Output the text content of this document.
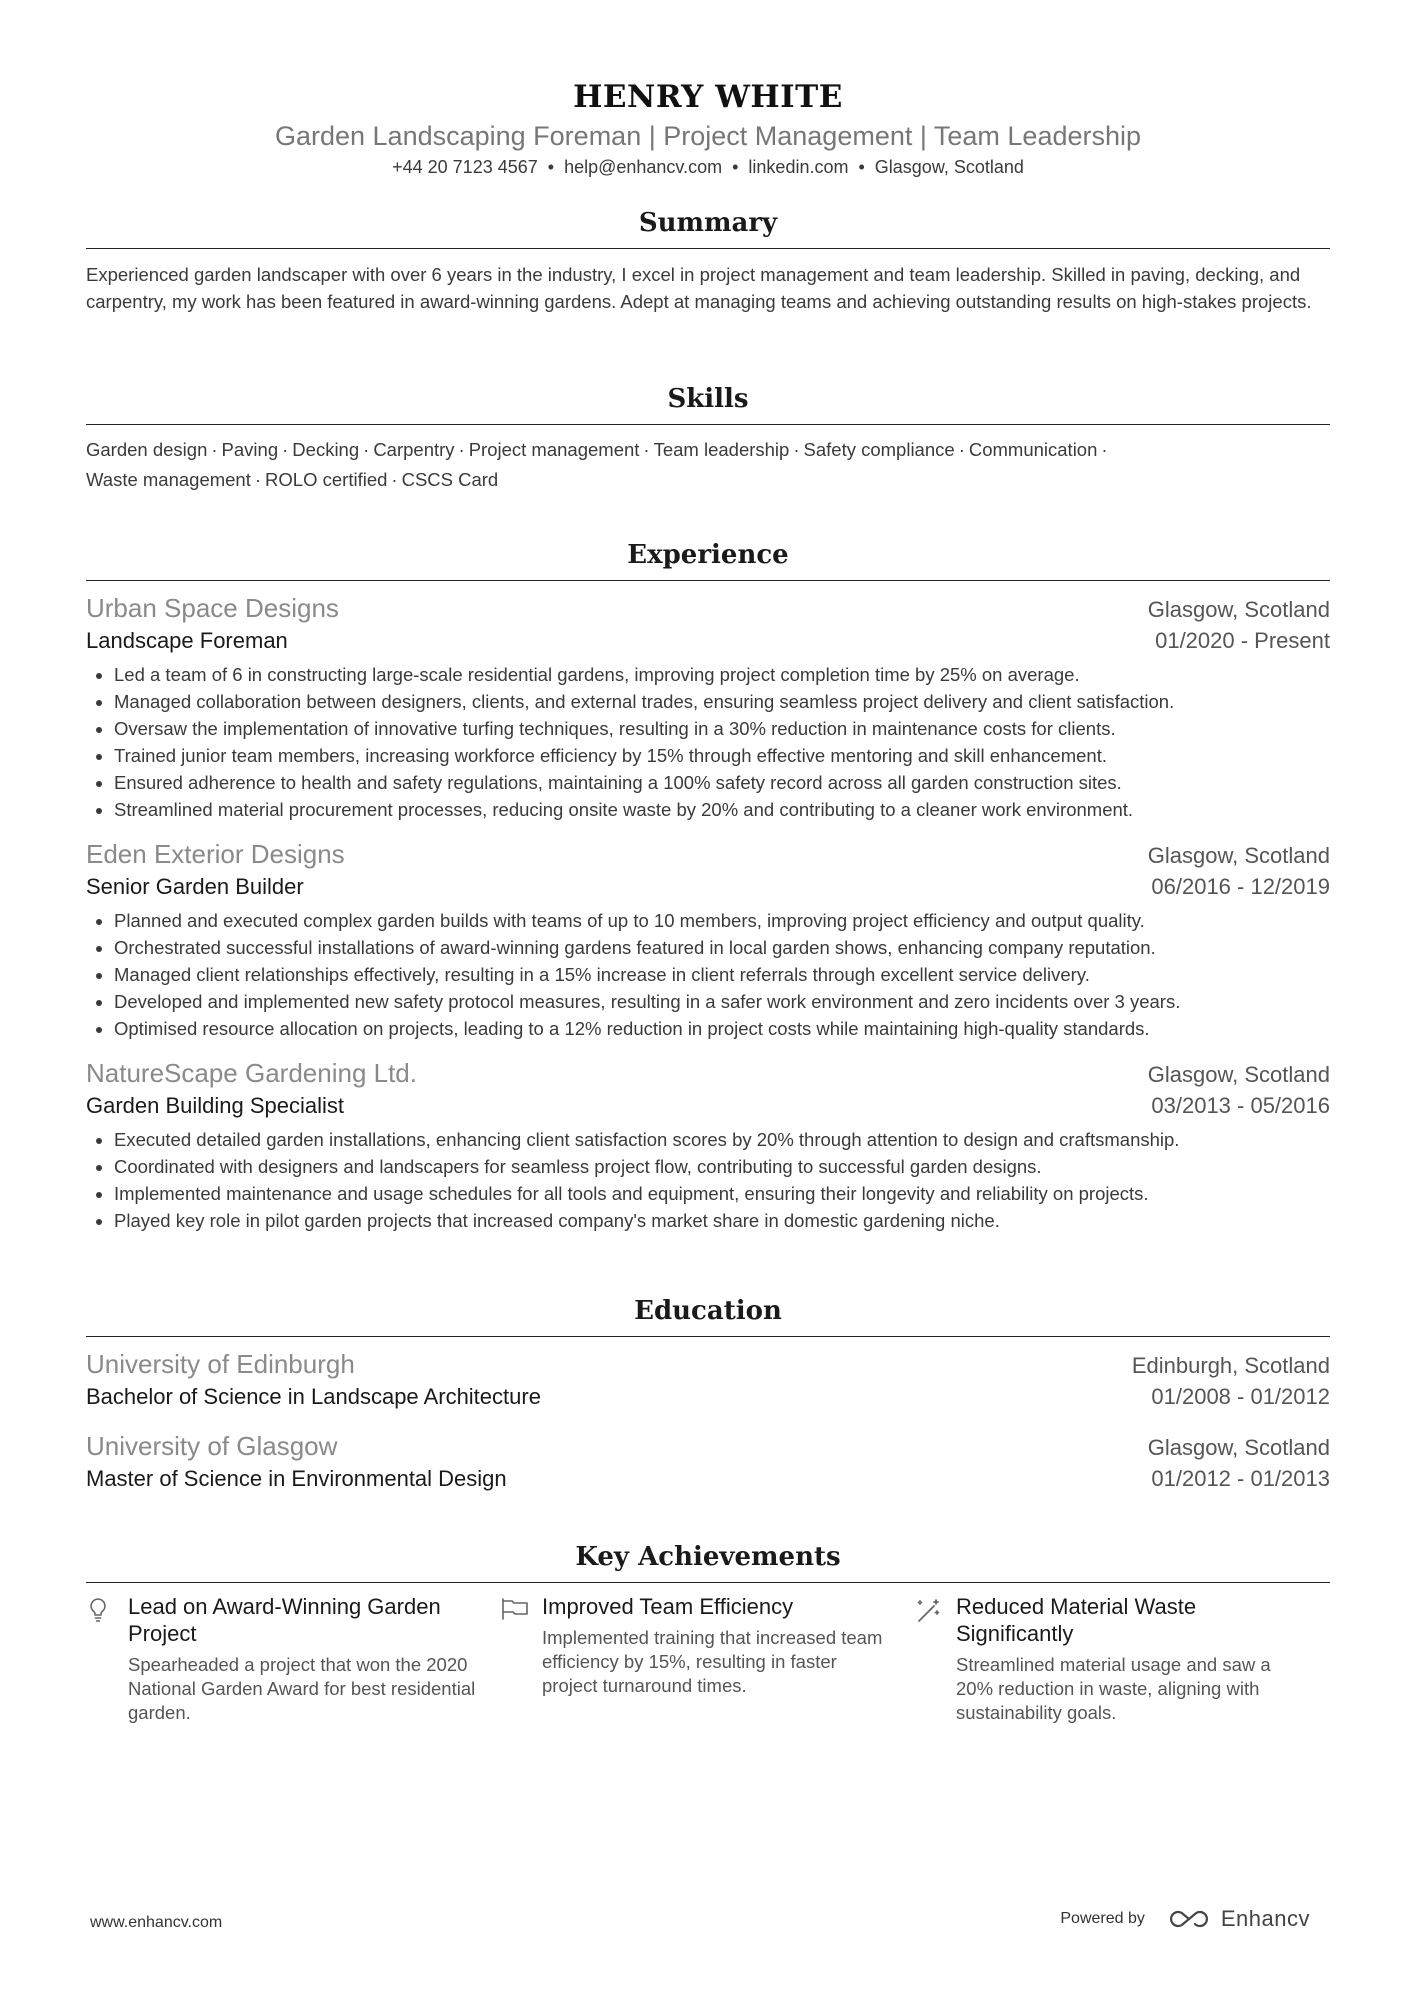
HENRY WHITE
Garden Landscaping Foreman | Project Management | Team Leadership
+44 20 7123 4567 • help@enhancv.com • linkedin.com • Glasgow, Scotland
Summary

Experienced garden landscaper with over 6 years in the industry, I excel in project management and team leadership. Skilled in paving, decking, and carpentry, my work has been featured in award-winning gardens. Adept at managing teams and achieving outstanding results on high-stakes projects.

Skills
Garden design · Paving · Decking · Carpentry · Project management · Team leadership · Safety compliance · Communication ·
Waste management · ROLO certified · CSCS Card
Experience
Urban Space Designs	Glasgow, Scotland
Landscape Foreman	01/2020 - Present
• Led a team of 6 in constructing large-scale residential gardens, improving project completion time by 25% on average.
• Managed collaboration between designers, clients, and external trades, ensuring seamless project delivery and client satisfaction.
• Oversaw the implementation of innovative turfing techniques, resulting in a 30% reduction in maintenance costs for clients.
• Trained junior team members, increasing workforce efficiency by 15% through effective mentoring and skill enhancement.
• Ensured adherence to health and safety regulations, maintaining a 100% safety record across all garden construction sites.
• Streamlined material procurement processes, reducing onsite waste by 20% and contributing to a cleaner work environment.
Eden Exterior Designs	Glasgow, Scotland
Senior Garden Builder	06/2016 - 12/2019
• Planned and executed complex garden builds with teams of up to 10 members, improving project efficiency and output quality.
• Orchestrated successful installations of award-winning gardens featured in local garden shows, enhancing company reputation.
• Managed client relationships effectively, resulting in a 15% increase in client referrals through excellent service delivery.
• Developed and implemented new safety protocol measures, resulting in a safer work environment and zero incidents over 3 years.
• Optimised resource allocation on projects, leading to a 12% reduction in project costs while maintaining high-quality standards.
NatureScape Gardening Ltd.	Glasgow, Scotland
Garden Building Specialist	03/2013 - 05/2016
• Executed detailed garden installations, enhancing client satisfaction scores by 20% through attention to design and craftsmanship.
• Coordinated with designers and landscapers for seamless project flow, contributing to successful garden designs.
• Implemented maintenance and usage schedules for all tools and equipment, ensuring their longevity and reliability on projects.
• Played key role in pilot garden projects that increased company's market share in domestic gardening niche.
Education
University of Edinburgh	Edinburgh, Scotland
Bachelor of Science in Landscape Architecture	01/2008 - 01/2012
University of Glasgow	Glasgow, Scotland
Master of Science in Environmental Design	01/2012 - 01/2013
Key Achievements
Lead on Award-Winning Garden Project
Spearheaded a project that won the 2020 National Garden Award for best residential garden.
Improved Team Efficiency
Implemented training that increased team efficiency by 15%, resulting in faster project turnaround times.
Reduced Material Waste Significantly
Streamlined material usage and saw a 20% reduction in waste, aligning with sustainability goals.
www.enhancv.com	Powered by	Enhancv
